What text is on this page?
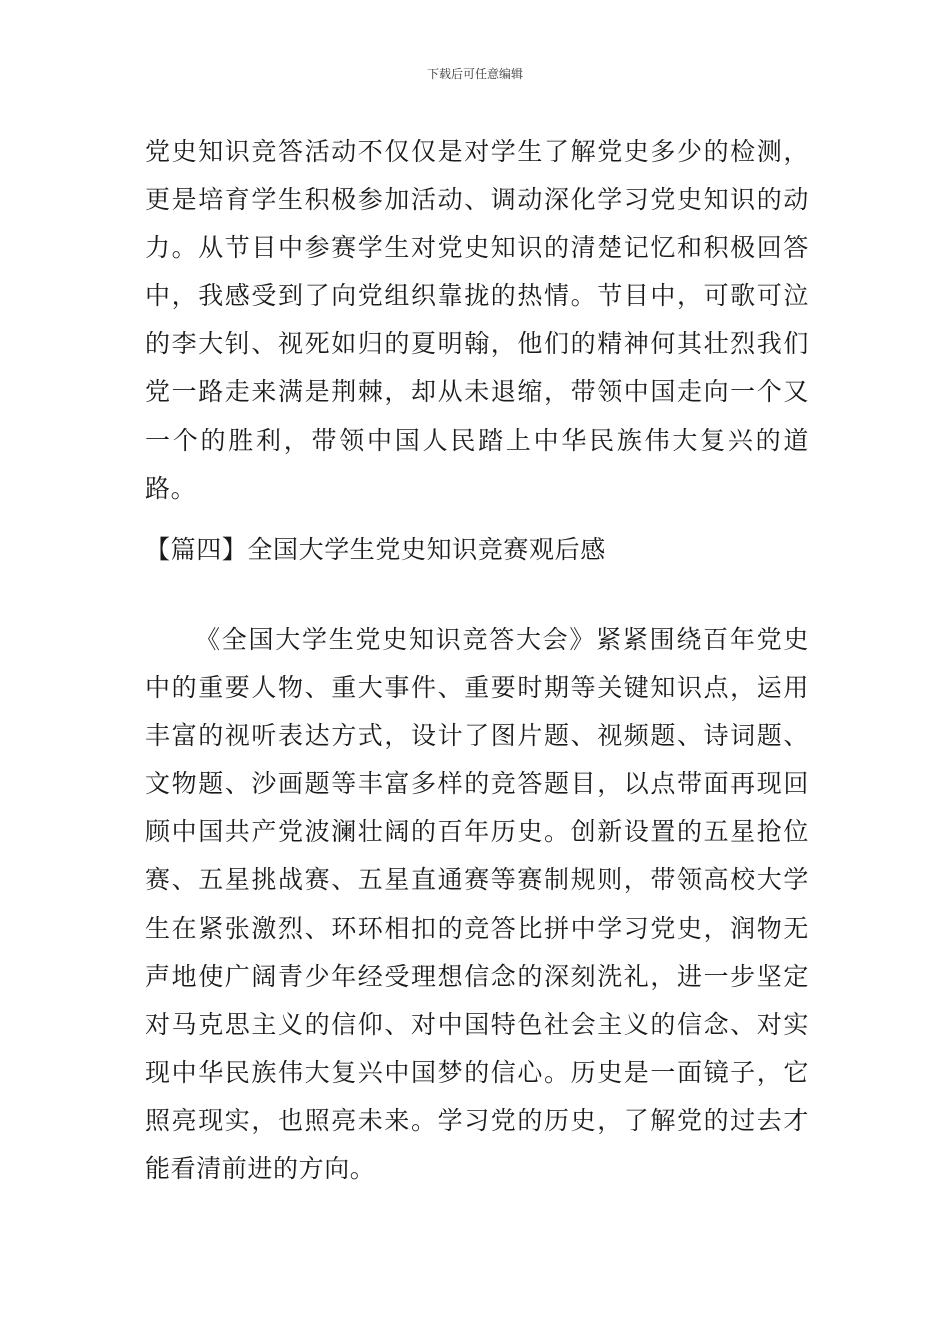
下载后可任意编辑

党史知识竞答活动不仅仅是对学生了解党史多少的检测，更是培育学生积极参加活动、调动深化学习党史知识的动力。从节目中参赛学生对党史知识的清楚记忆和积极回答中，我感受到了向党组织靠拢的热情。节目中，可歌可泣的李大钊、视死如归的夏明翰，他们的精神何其壮烈我们党一路走来满是荆棘，却从未退缩，带领中国走向一个又一个的胜利，带领中国人民踏上中华民族伟大复兴的道路。

【篇四】全国大学生党史知识竞赛观后感

《全国大学生党史知识竞答大会》紧紧围绕百年党史中的重要人物、重大事件、重要时期等关键知识点，运用丰富的视听表达方式，设计了图片题、视频题、诗词题、文物题、沙画题等丰富多样的竞答题目，以点带面再现回顾中国共产党波澜壮阔的百年历史。创新设置的五星抢位赛、五星挑战赛、五星直通赛等赛制规则，带领高校大学生在紧张激烈、环环相扣的竞答比拼中学习党史，润物无声地使广阔青少年经受理想信念的深刻洗礼，进一步坚定对马克思主义的信仰、对中国特色社会主义的信念、对实现中华民族伟大复兴中国梦的信心。历史是一面镜子，它照亮现实，也照亮未来。学习党的历史，了解党的过去才能看清前进的方向。
